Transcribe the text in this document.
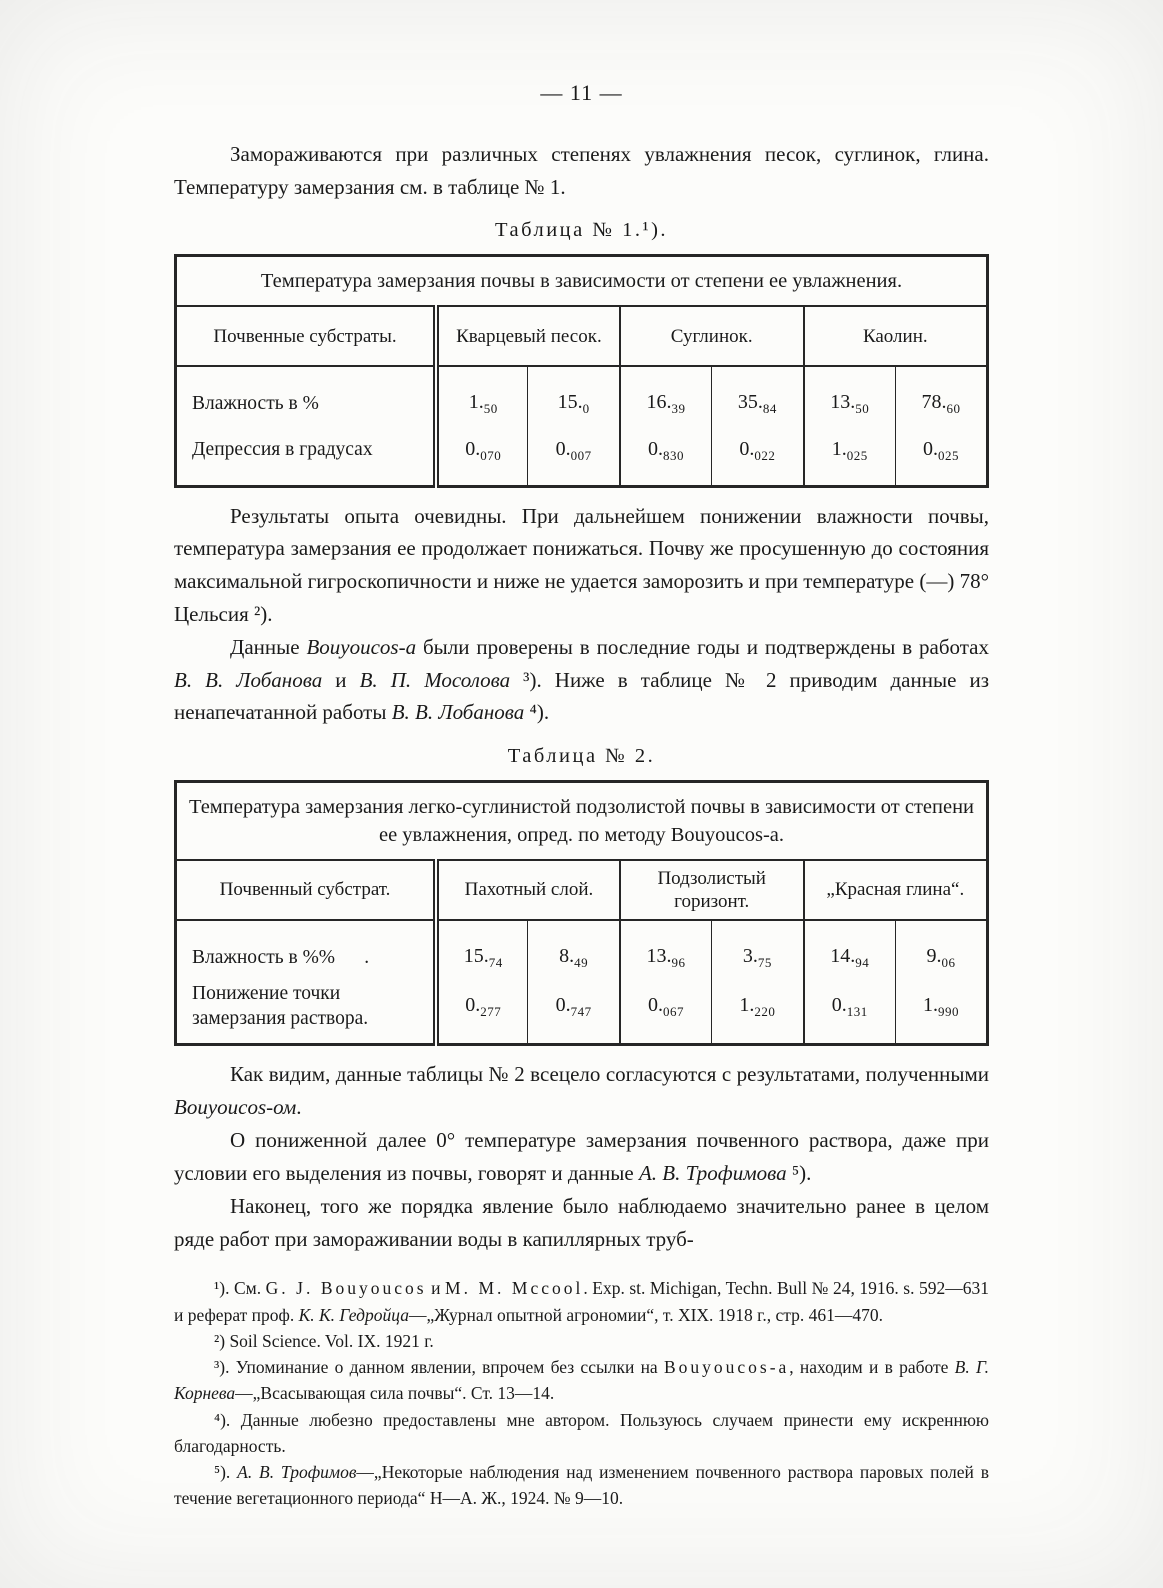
— 11 —

Замораживаются при различных степенях увлажнения песок, суглинок, глина. Температуру замерзания см. в таблице № 1.

Таблица № 1.¹).
Температура замерзания почвы в зависимости от степени ее увлажнения.						
Почвенные субстраты.	Кварцевый песок.		Суглинок.		Каолин.	
Влажность в %	$1._{50}$	$15._0$	$16._{39}$	$35._{84}$	$13._{50}$	$78._{60}$
Депрессия в градусах	$0._{070}$	$0._{007}$	$0._{830}$	$0._{022}$	$1._{025}$	$0._{025}$

Результаты опыта очевидны. При дальнейшем понижении влажности почвы, температура замерзания ее продолжает понижаться. Почву же просушенную до состояния максимальной гигроскопичности и ниже не удается заморозить и при температуре (—) 78° Цельсия ²).

Данные Bouyoucos-а были проверены в последние годы и подтверждены в работах В. В. Лобанова и В. П. Мосолова ³). Ниже в таблице № 2 приводим данные из ненапечатанной работы В. В. Лобанова ⁴).

Таблица № 2.
Температура замерзания легко-суглинистой подзолистой почвы в зависимости от степени ее увлажнения, опред. по методу Bouyoucos-а.						
Почвенный субстрат.	Пахотный слой.		Подзолистый горизонт.		„Красная глина“.	
Влажность в %%      .	$15._{74}$	$8._{49}$	$13._{96}$	$3._{75}$	$14._{94}$	$9._{06}$
Понижение точки замерзания раствора.	$0._{277}$	$0._{747}$	$0._{067}$	$1._{220}$	$0._{131}$	$1._{990}$

Как видим, данные таблицы № 2 всецело согласуются с результатами, полученными Bouyoucos-ом.

О пониженной далее 0° температуре замерзания почвенного раствора, даже при условии его выделения из почвы, говорят и данные А. В. Трофимова ⁵).

Наконец, того же порядка явление было наблюдаемо значительно ранее в целом ряде работ при замораживании воды в капиллярных труб-

¹). См. G. J. Bouyoucos и M. M. Mccool. Exp. st. Michigan, Techn. Bull № 24, 1916. s. 592—631 и реферат проф. К. К. Гедройца—„Журнал опытной агрономии“, т. XIX. 1918 г., стр. 461—470.

²) Soil Science. Vol. IX. 1921 г.

³). Упоминание о данном явлении, впрочем без ссылки на Bouyoucos-а, находим и в работе В. Г. Корнева—„Всасывающая сила почвы“. Ст. 13—14.

⁴). Данные любезно предоставлены мне автором. Пользуюсь случаем принести ему искреннюю благодарность.

⁵). А. В. Трофимов—„Некоторые наблюдения над изменением почвенного раствора паровых полей в течение вегетационного периода“ Н—А. Ж., 1924. № 9—10.
